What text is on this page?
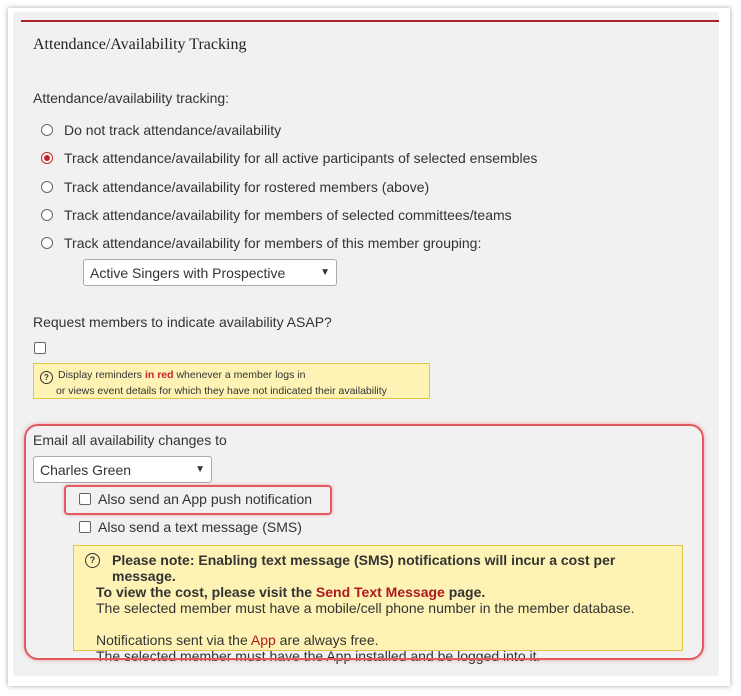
Attendance/Availability Tracking
Attendance/availability tracking:
Do not track attendance/availability
Track attendance/availability for all active participants of selected ensembles
Track attendance/availability for rostered members (above)
Track attendance/availability for members of selected committees/teams
Track attendance/availability for members of this member grouping:
Active Singers with Prospective	▼
Request members to indicate availability ASAP?
? Display reminders in red whenever a member logs in
or views event details for which they have not indicated their availability
Email all availability changes to
Charles Green	▼
Also send an App push notification
Also send a text message (SMS)
?	Please note: Enabling text message (SMS) notifications will incur a cost per message.
To view the cost, please visit the Send Text Message page.
The selected member must have a mobile/cell phone number in the member database.
Notifications sent via the App are always free.
The selected member must have the App installed and be logged into it.
